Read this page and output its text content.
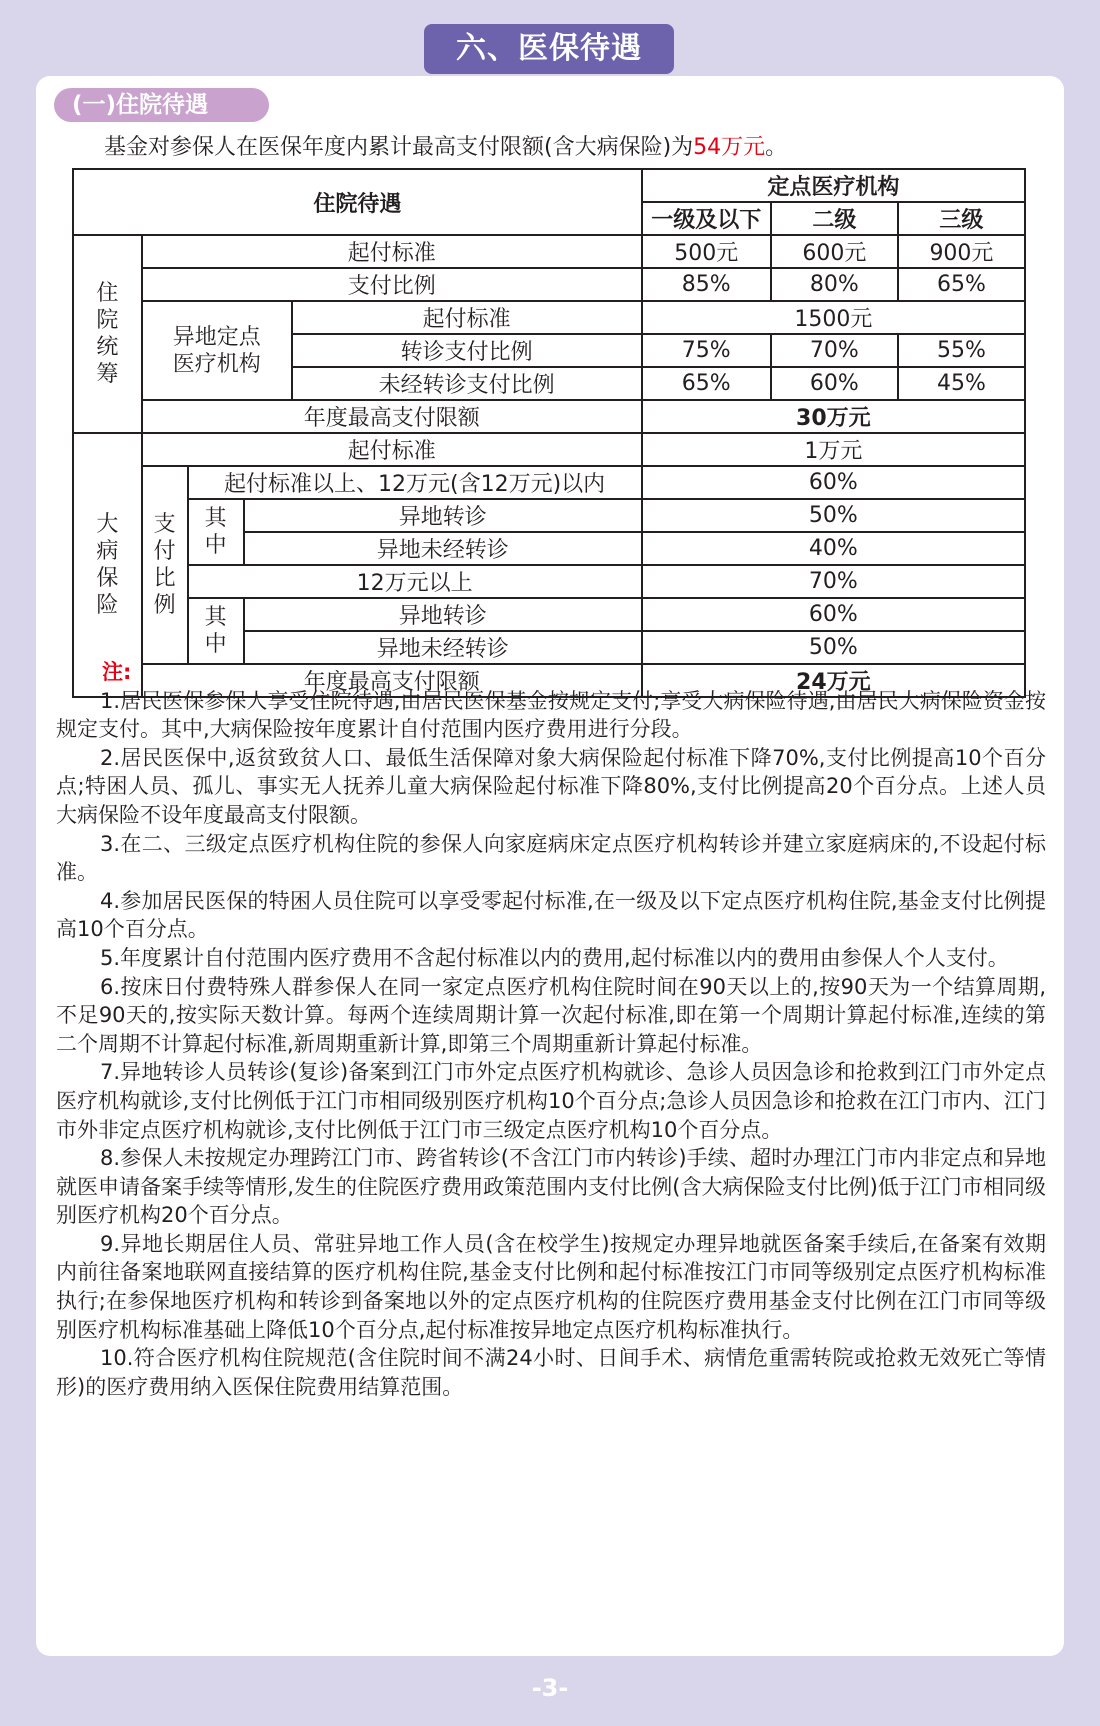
六、医保待遇
(一)住院待遇
基金对参保人在医保年度内累计最高支付限额(含大病保险)为54万元。
住院待遇					定点医疗机构		
					一级及以下	二级	三级
住
院
统
筹	起付标准				500元	600元	900元
	支付比例				85%	80%	65%

	异地定点医疗机构			起付标准	1500元		
				转诊支付比例	75%	70%	55%
				未经转诊支付比例	65%	60%	45%
	年度最高支付限额				30万元		
大
病
保
险	起付标准				1万元		
	支
付
比
例	起付标准以上、12万元(含12万元)以内			60%		
		其
中	异地转诊		50%		
			异地未经转诊		40%		
		12万元以上			70%		
		其
中	异地转诊		60%		
			异地未经转诊		50%		
	年度最高支付限额				24万元		
注:

1.居民医保参保人享受住院待遇,由居民医保基金按规定支付;享受大病保险待遇,由居民大病保险资金按规定支付。其中,大病保险按年度累计自付范围内医疗费用进行分段。

2.居民医保中,返贫致贫人口、最低生活保障对象大病保险起付标准下降70%,支付比例提高10个百分点;特困人员、孤儿、事实无人抚养儿童大病保险起付标准下降80%,支付比例提高20个百分点。上述人员大病保险不设年度最高支付限额。

3.在二、三级定点医疗机构住院的参保人向家庭病床定点医疗机构转诊并建立家庭病床的,不设起付标准。

4.参加居民医保的特困人员住院可以享受零起付标准,在一级及以下定点医疗机构住院,基金支付比例提高10个百分点。

5.年度累计自付范围内医疗费用不含起付标准以内的费用,起付标准以内的费用由参保人个人支付。

6.按床日付费特殊人群参保人在同一家定点医疗机构住院时间在90天以上的,按90天为一个结算周期,不足90天的,按实际天数计算。每两个连续周期计算一次起付标准,即在第一个周期计算起付标准,连续的第二个周期不计算起付标准,新周期重新计算,即第三个周期重新计算起付标准。

7.异地转诊人员转诊(复诊)备案到江门市外定点医疗机构就诊、急诊人员因急诊和抢救到江门市外定点医疗机构就诊,支付比例低于江门市相同级别医疗机构10个百分点;急诊人员因急诊和抢救在江门市内、江门市外非定点医疗机构就诊,支付比例低于江门市三级定点医疗机构10个百分点。

8.参保人未按规定办理跨江门市、跨省转诊(不含江门市内转诊)手续、超时办理江门市内非定点和异地就医申请备案手续等情形,发生的住院医疗费用政策范围内支付比例(含大病保险支付比例)低于江门市相同级别医疗机构20个百分点。

9.异地长期居住人员、常驻异地工作人员(含在校学生)按规定办理异地就医备案手续后,在备案有效期内前往备案地联网直接结算的医疗机构住院,基金支付比例和起付标准按江门市同等级别定点医疗机构标准执行;在参保地医疗机构和转诊到备案地以外的定点医疗机构的住院医疗费用基金支付比例在江门市同等级别医疗机构标准基础上降低10个百分点,起付标准按异地定点医疗机构标准执行。

10.符合医疗机构住院规范(含住院时间不满24小时、日间手术、病情危重需转院或抢救无效死亡等情形)的医疗费用纳入医保住院费用结算范围。

-3-
